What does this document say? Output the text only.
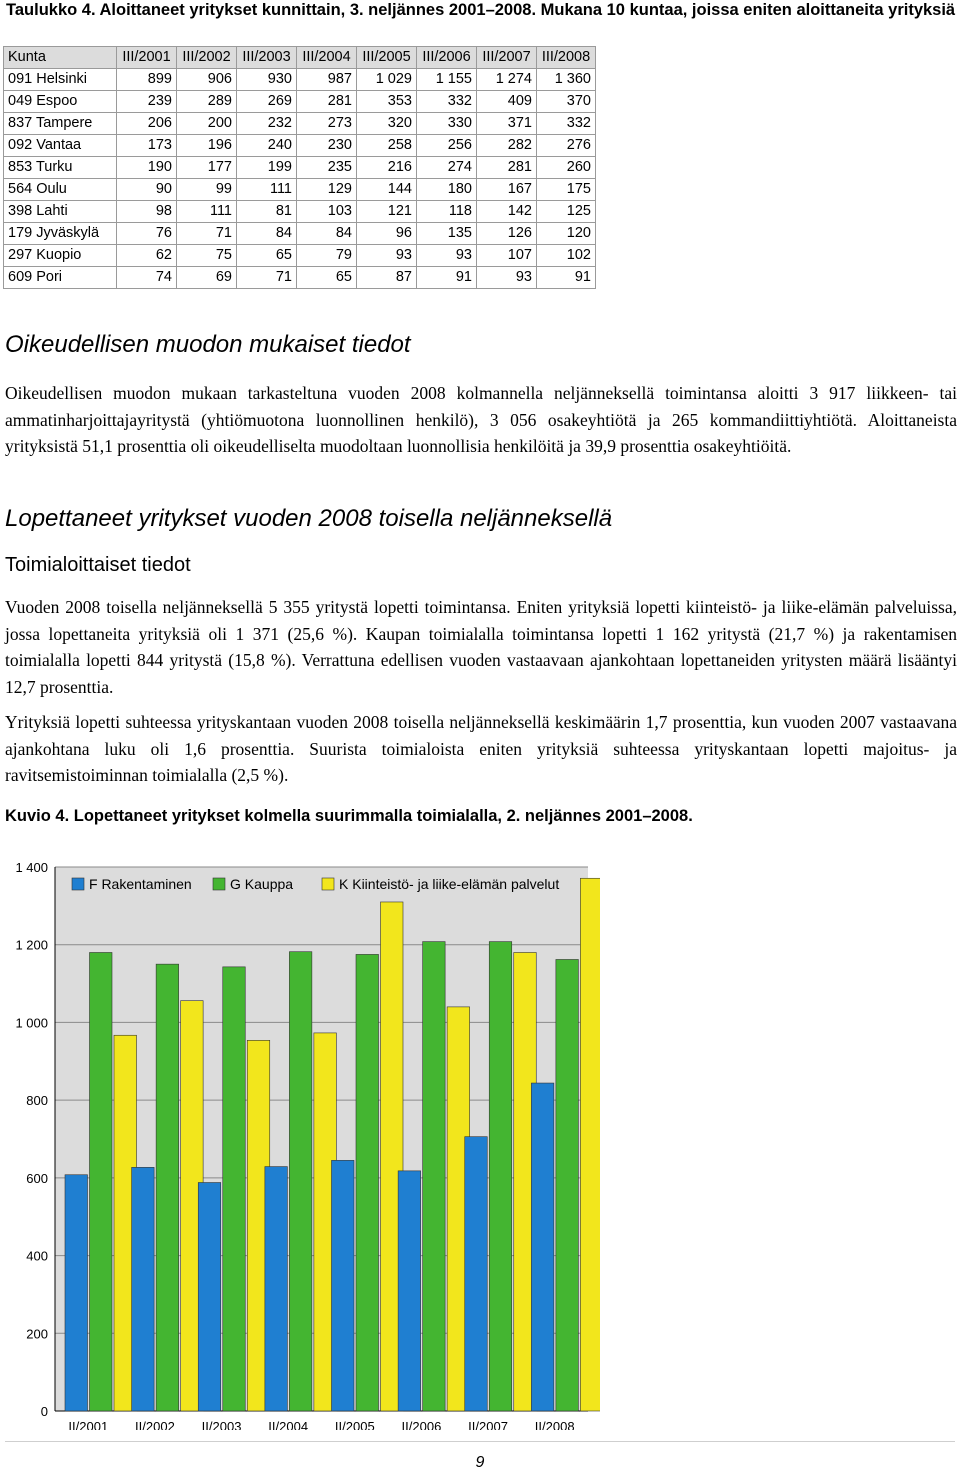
Taulukko 4. Aloittaneet yritykset kunnittain, 3. neljännes 2001–2008. Mukana 10 kuntaa, joissa eniten aloittaneita yrityksiä
Kunta	III/2001	III/2002	III/2003	III/2004	III/2005	III/2006	III/2007	III/2008
091 Helsinki	899	906	930	987	1 029	1 155	1 274	1 360
049 Espoo	239	289	269	281	353	332	409	370
837 Tampere	206	200	232	273	320	330	371	332
092 Vantaa	173	196	240	230	258	256	282	276
853 Turku	190	177	199	235	216	274	281	260
564 Oulu	90	99	111	129	144	180	167	175
398 Lahti	98	111	81	103	121	118	142	125
179 Jyväskylä	76	71	84	84	96	135	126	120
297 Kuopio	62	75	65	79	93	93	107	102
609 Pori	74	69	71	65	87	91	93	91
Oikeudellisen muodon mukaiset tiedot

Oikeudellisen muodon mukaan tarkasteltuna vuoden 2008 kolmannella neljänneksellä toimintansa aloitti 3 917 liikkeen- tai ammatinharjoittajayritystä (yhtiömuotona luonnollinen henkilö), 3 056 osakeyhtiötä ja 265 kommandiittiyhtiötä. Aloittaneista yrityksistä 51,1 prosenttia oli oikeudelliselta muodoltaan luonnollisia henkilöitä ja 39,9 prosenttia osakeyhtiöitä.

Lopettaneet yritykset vuoden 2008 toisella neljänneksellä
Toimialoittaiset tiedot

Vuoden 2008 toisella neljänneksellä 5 355 yritystä lopetti toimintansa. Eniten yrityksiä lopetti kiinteistö- ja liike-elämän palveluissa, jossa lopettaneita yrityksiä oli 1 371 (25,6 %). Kaupan toimialalla toimintansa lopetti 1 162 yritystä (21,7 %) ja rakentamisen toimialalla lopetti 844 yritystä (15,8 %). Verrattuna edellisen vuoden vastaavaan ajankohtaan lopettaneiden yritysten määrä lisääntyi 12,7 prosenttia.

Yrityksiä lopetti suhteessa yrityskantaan vuoden 2008 toisella neljänneksellä keskimäärin 1,7 prosenttia, kun vuoden 2007 vastaavana ajankohtana luku oli 1,6 prosenttia. Suurista toimialoista eniten yrityksiä suhteessa yrityskantaan lopetti majoitus- ja ravitsemistoiminnan toimialalla (2,5 %).

Kuvio 4. Lopettaneet yritykset kolmella suurimmalla toimialalla, 2. neljännes 2001–2008.

0
200
400
600
800
1 000
1 200
1 400
II/2001 II/2002 II/2003 II/2004 II/2005 II/2006 II/2007 II/2008
F Rakentaminen	G Kauppa	K Kiinteistö- ja liike-elämän palvelut

9
